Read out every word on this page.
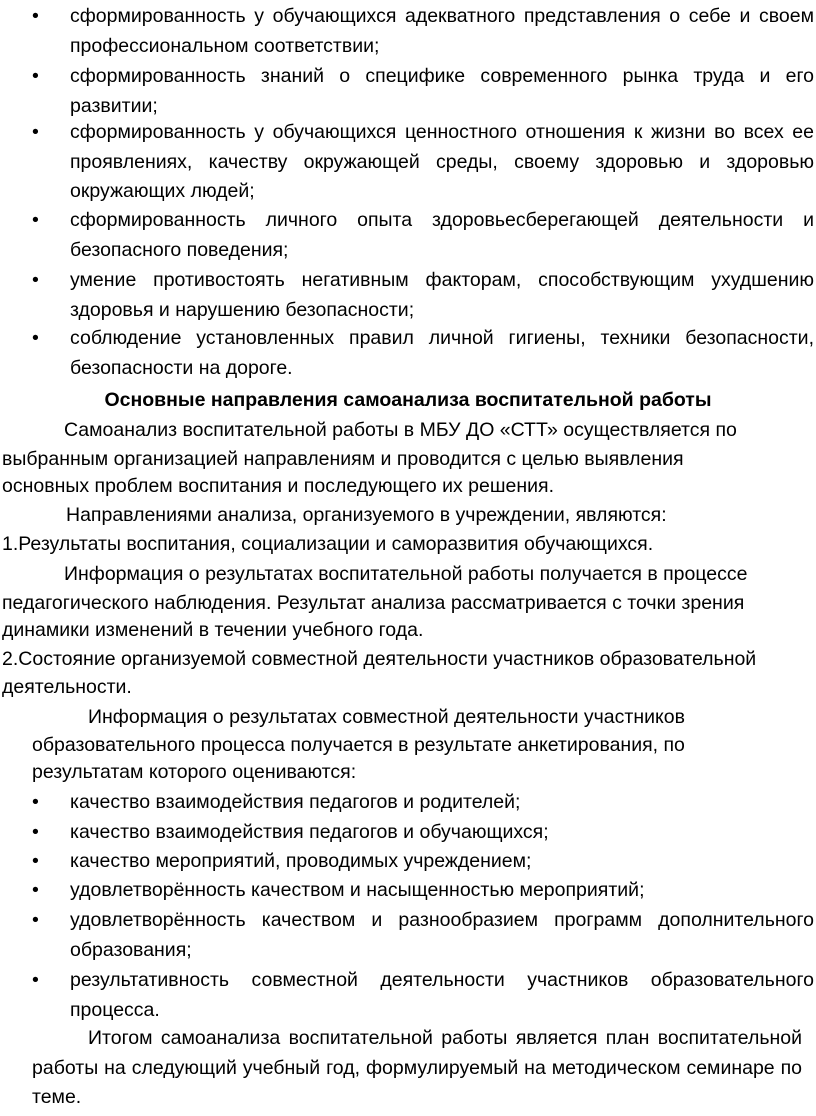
•	сформированность у обучающихся адекватного представления о себе и своем профессиональном соответствии;
•	сформированность знаний о специфике современного рынка труда и его развитии;
•	сформированность у обучающихся ценностного отношения к жизни во всех ее проявлениях, качеству окружающей среды, своему здоровью и здоровью окружающих людей;
•	сформированность личного опыта здоровьесберегающей деятельности и безопасного поведения;
•	умение противостоять негативным факторам, способствующим ухудшению здоровья и нарушению безопасности;
•	соблюдение установленных правил личной гигиены, техники безопасности, безопасности на дороге.
Основные направления самоанализа воспитательной работы
Самоанализ воспитательной работы в МБУ ДО «СТТ» осуществляется по
выбранным организацией направлениям и проводится с целью выявления
основных проблем воспитания и последующего их решения.
Направлениями анализа, организуемого в учреждении, являются:
1.Результаты воспитания, социализации и саморазвития обучающихся.
Информация о результатах воспитательной работы получается в процессе
педагогического наблюдения. Результат анализа рассматривается с точки зрения
динамики изменений в течении учебного года.
2.Состояние организуемой совместной деятельности участников образовательной
деятельности.
Информация о результатах совместной деятельности участников
образовательного процесса получается в результате анкетирования, по
результатам которого оцениваются:
•	качество взаимодействия педагогов и родителей;
•	качество взаимодействия педагогов и обучающихся;
•	качество мероприятий, проводимых учреждением;
•	удовлетворённость качеством и насыщенностью мероприятий;
•	удовлетворённость качеством и разнообразием программ дополнительного образования;
•	результативность совместной деятельности участников образовательного процесса.
Итогом самоанализа воспитательной работы является план воспитательной работы на следующий учебный год, формулируемый на методическом семинаре по теме.
